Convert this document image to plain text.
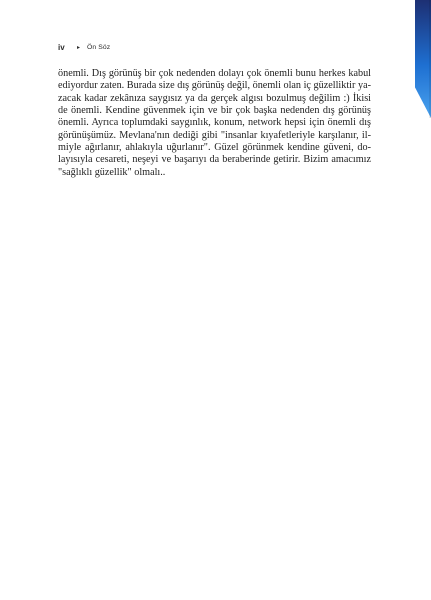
iv	▸ Ön Söz
önemli. Dış görünüş bir çok nedenden dolayı çok önemli bunu herkes kabul
ediyordur zaten. Burada size dış görünüş değil, önemli olan iç güzelliktir ya-
zacak kadar zekânıza saygısız ya da gerçek algısı bozulmuş değilim :) İkisi
de önemli. Kendine güvenmek için ve bir çok başka nedenden dış görünüş
önemli. Ayrıca toplumdaki saygınlık, konum, network hepsi için önemli dış
görünüşümüz. Mevlana'nın dediği gibi "insanlar kıyafetleriyle karşılanır, il-
miyle ağırlanır, ahlakıyla uğurlanır". Güzel görünmek kendine güveni, do-
layısıyla cesareti, neşeyi ve başarıyı da beraberinde getirir. Bizim amacımız
"sağlıklı güzellik" olmalı..
